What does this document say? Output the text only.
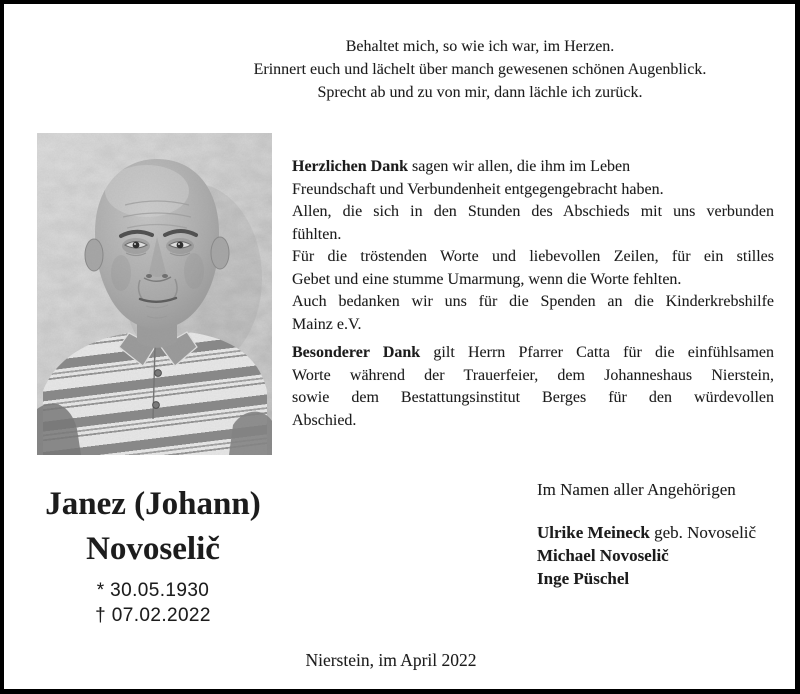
Behaltet mich, so wie ich war, im Herzen.
Erinnert euch und lächelt über manch gewesenen schönen Augenblick.
Sprecht ab und zu von mir, dann lächle ich zurück.
Herzlichen Dank sagen wir allen, die ihm im Leben
Freundschaft und Verbundenheit entgegengebracht haben.
Allen, die sich in den Stunden des Abschieds mit uns verbunden
fühlten.
Für die tröstenden Worte und liebevollen Zeilen, für ein stilles
Gebet und eine stumme Umarmung, wenn die Worte fehlten.
Auch bedanken wir uns für die Spenden an die Kinderkrebshilfe
Mainz e.V.
Besonderer Dank gilt Herrn Pfarrer Catta für die einfühlsamen
Worte während der Trauerfeier, dem Johanneshaus Nierstein,
sowie dem Bestattungsinstitut Berges für den würdevollen
Abschied.
Janez (Johann)
Novoselič
* 30.05.1930
† 07.02.2022
Im Namen aller Angehörigen
Ulrike Meineck geb. Novoselič
Michael Novoselič
Inge Püschel
Nierstein, im April 2022
